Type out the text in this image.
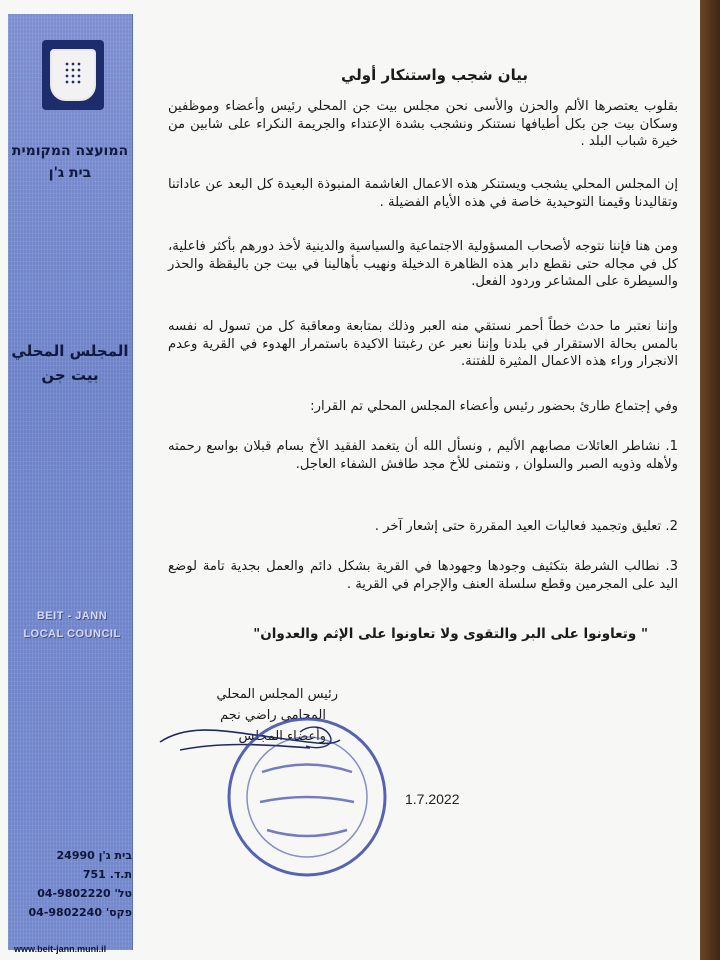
המועצה המקומית
בית ג'ן
المجلس المحلي
بيت جن
BEIT - JANN
LOCAL COUNCIL
בית ג'ן 24990
ת.ד. 751
טל' 04-9802220
פקס' 04-9802240
www.beit-jann.muni.il
بيان شجب واستنكار أولي
بقلوب يعتصرها الألم والحزن والأسى نحن مجلس بيت جن المحلي رئيس وأعضاء وموظفين وسكان بيت جن بكل أطيافها نستنكر ونشجب بشدة الإعتداء والجريمة النكراء على شابين من خيرة شباب البلد .
إن المجلس المحلي يشجب ويستنكر هذه الاعمال الغاشمة المنبوذة البعيدة كل البعد عن عاداتنا وتقاليدنا وقيمنا التوحيدية خاصة في هذه الأيام الفضيلة .
ومن هنا فإننا نتوجه لأصحاب المسؤولية الاجتماعية والسياسية والدينية لأخذ دورهم بأكثر فاعلية، كل في مجاله حتى نقطع دابر هذه الظاهرة الدخيلة ونهيب بأهالينا في بيت جن باليقظة والحذر والسيطرة على المشاعر وردود الفعل.
وإننا نعتبر ما حدث خطاً أحمر نستقي منه العبر وذلك بمتابعة ومعاقبة كل من تسول له نفسه بالمس بحالة الاستقرار في بلدنا وإننا نعبر عن رغبتنا الاكيدة باستمرار الهدوء في القرية وعدم الانجرار وراء هذه الاعمال المثيرة للفتنة.
وفي إجتماع طارئ بحضور رئيس وأعضاء المجلس المحلي تم القرار:
1. نشاطر العائلات مصابهم الأليم , ونسأل الله أن يتغمد الفقيد الأخ بسام قبلان بواسع رحمته ولأهله وذويه الصبر والسلوان , ونتمنى للأخ مجد طافش الشفاء العاجل.
2. تعليق وتجميد فعاليات العيد المقررة حتى إشعار آخر .
3. نطالب الشرطة بتكثيف وجودها وجهودها في القرية بشكل دائم والعمل بجدية تامة لوضع اليد على المجرمين وقطع سلسلة العنف والإجرام في القرية .
" وتعاونوا على البر والتقوى ولا تعاونوا على الإثم والعدوان"
رئيس المجلس المحلي
المحامي راضي نجم
وأعضاء المجلس
1.7.2022
